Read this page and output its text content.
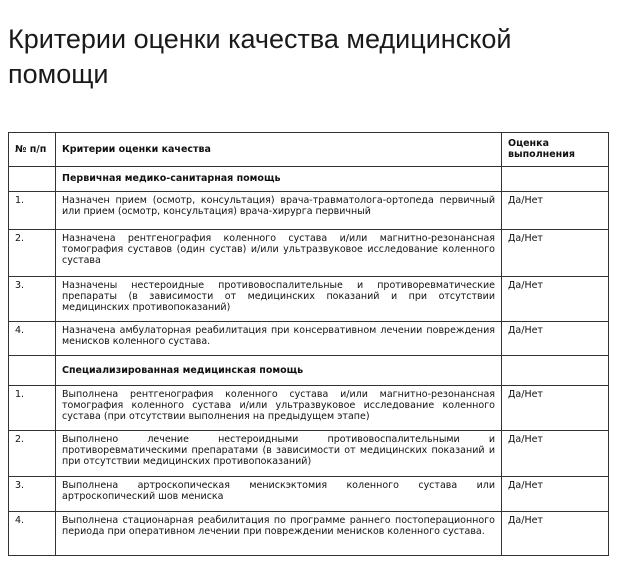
Критерии оценки качества медицинской помощи
№ п/п	Критерии оценки качества	Оценка выполнения
	Первичная медико-санитарная помощь	
1.	Назначен прием (осмотр, консультация) врача-травматолога-ортопеда первичный или прием (осмотр, консультация) врача-хирурга первичный	Да/Нет
2.	Назначена рентгенография коленного сустава и/или магнитно-резонансная томография суставов (один сустав) и/или ультразвуковое исследование коленного сустава	Да/Нет
3.	Назначены нестероидные противовоспалительные и противоревматические препараты (в зависимости от медицинских показаний и при отсутствии медицинских противопоказаний)	Да/Нет
4.	Назначена амбулаторная реабилитация при консервативном лечении повреждения менисков коленного сустава.	Да/Нет
	Специализированная медицинская помощь	
1.	Выполнена рентгенография коленного сустава и/или магнитно-резонансная томография коленного сустава и/или ультразвуковое исследование коленного сустава (при отсутствии выполнения на предыдущем этапе)	Да/Нет
2.	Выполнено лечение нестероидными противовоспалительными и противоревматическими препаратами (в зависимости от медицинских показаний и при отсутствии медицинских противопоказаний)	Да/Нет
3.	Выполнена артроскопическая менискэктомия коленного сустава или артроскопический шов мениска	Да/Нет
4.	Выполнена стационарная реабилитация по программе раннего постоперационного периода при оперативном лечении при повреждении менисков коленного сустава.	Да/Нет
